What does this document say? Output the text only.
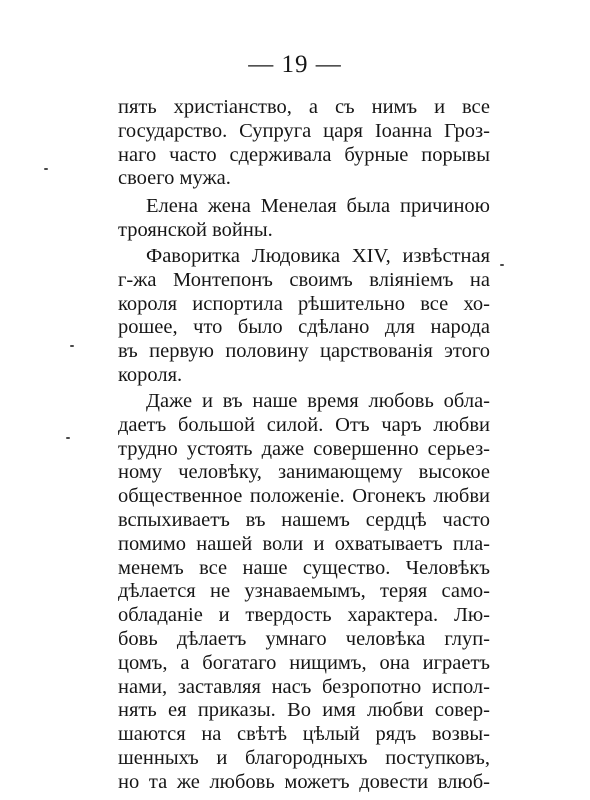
— 19 —
пять христіанство, а съ нимъ и все
государство. Супруга царя Іоанна Гроз-
наго часто сдерживала бурные порывы
своего мужа.
Елена жена Менелая была причиною
троянской войны.
Фаворитка Людовика XIV, извѣстная
г-жа Монтепонъ своимъ вліяніемъ на
короля испортила рѣшительно все хо-
рошее, что было сдѣлано для народа
въ первую половину царствованія этого
короля.
Даже и въ наше время любовь обла-
даетъ большой силой. Отъ чаръ любви
трудно устоять даже совершенно серьез-
ному человѣку, занимающему высокое
общественное положеніе. Огонекъ любви
вспыхиваетъ въ нашемъ сердцѣ часто
помимо нашей воли и охватываетъ пла-
менемъ все наше существо. Человѣкъ
дѣлается не узнаваемымъ, теряя само-
обладаніе и твердость характера. Лю-
бовь дѣлаетъ умнаго человѣка глуп-
цомъ, а богатаго нищимъ, она играетъ
нами, заставляя насъ безропотно испол-
нять ея приказы. Во имя любви совер-
шаются на свѣтѣ цѣлый рядъ возвы-
шенныхъ и благородныхъ поступковъ,
но та же любовь можетъ довести влюб-
